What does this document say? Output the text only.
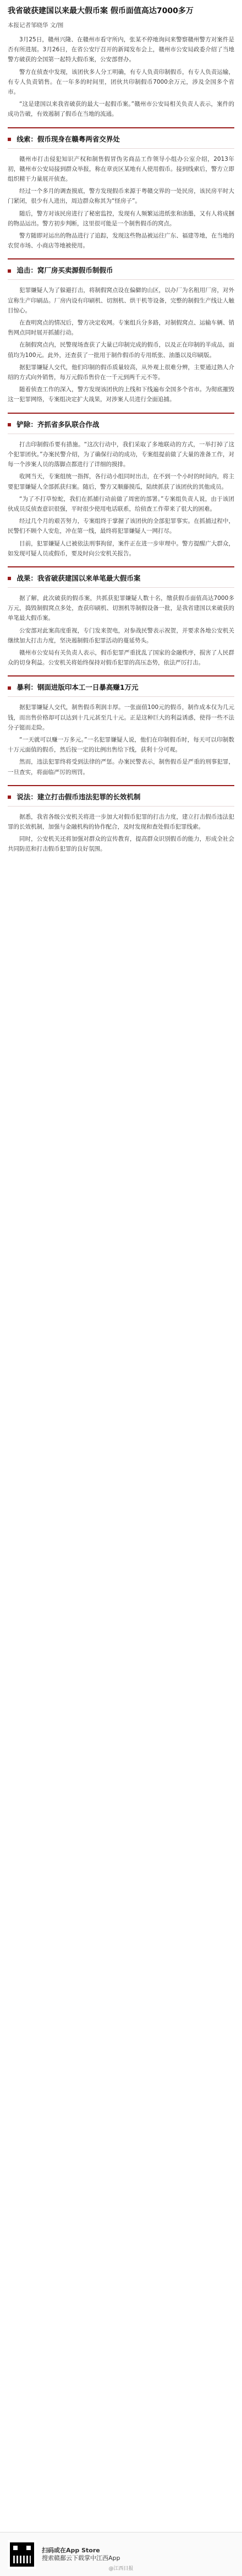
我省破获建国以来最大假币案 假币面值高达7000多万
本报记者邹晓华 文/图

3月25日，赣州兴隆、在赣州市看守所内，张某不停地询问来警察赣州警方对案件是否有所进展。3月26日，在省公安厅召开的新闻发布会上，赣州市公安局政委介绍了当地警方破获的全国第一起特大假币案，公安部督办。

警方在侦查中发现，该团伙多人分工明确，有专人负责印制假币，有专人负责运输，有专人负责销售。在一年多的时间里，团伙共印制假币7000余万元，涉及全国多个省市。

“这是建国以来我省破获的最大一起假币案。”赣州市公安局相关负责人表示，案件的成功告破，有效遏制了假币在当地的流通。

线索：假币现身在赣粤两省交界处

赣州市打击侵犯知识产权和制售假冒伪劣商品工作领导小组办公室介绍，2013年初，赣州市公安局接到群众举报，称在章贡区某地有人使用假币。接到线索后，警方立即组织精干力量展开侦查。

经过一个多月的调查摸底，警方发现假币来源于粤赣交界的一处民房，该民房平时大门紧闭，很少有人进出，周边群众称其为“怪房子”。

随后，警方对该民房进行了秘密监控，发现有人频繁运进纸张和油墨，又有人将成捆的物品运出。警方初步判断，这里很可能是一个制售假币的窝点。

警方随即对运出的物品进行了追踪，发现这些物品被运往广东、福建等地，在当地的农贸市场、小商店等地被使用。

追击：窝厂房买卖源假币制假币

犯罪嫌疑人为了躲避打击，将制假窝点设在偏僻的山区，以办厂为名租用厂房，对外宣称生产印刷品。厂房内设有印刷机、切割机、烘干机等设备，完整的制假生产线让人触目惊心。

在查明窝点的情况后，警方决定收网。专案组兵分多路，对制假窝点、运输车辆、销售网点同时展开抓捕行动。

在制假窝点内，民警现场查获了大量已印制完成的假币，以及正在印制的半成品，面值均为100元。此外，还查获了一批用于制作假币的专用纸张、油墨以及印刷版。

据犯罪嫌疑人交代，他们印制的假币质量较高，从外观上很难分辨，主要通过熟人介绍的方式向外销售，每万元假币售价在一千元到两千元不等。

随着侦查工作的深入，警方发现该团伙的上线和下线遍布全国多个省市。为彻底摧毁这一犯罪网络，专案组决定扩大战果，对涉案人员进行全面追捕。

铲除：齐抓省多队联合作战

打击印制假币要有措施。“这次行动中，我们采取了多地联动的方式，一举打掉了这个犯罪团伙。”办案民警介绍，为了确保行动的成功，专案组提前做了大量的准备工作，对每一个涉案人员的落脚点都进行了详细的摸排。

收网当天，专案组统一指挥，各行动小组同时出击，在不到一个小时的时间内，将主要犯罪嫌疑人全部抓获归案。随后，警方又顺藤摸瓜，陆续抓获了该团伙的其他成员。

“为了不打草惊蛇，我们在抓捕行动前做了周密的部署。”专案组负责人说，由于该团伙成员反侦查意识很强，平时很少使用电话联系，给侦查工作带来了很大的困难。

经过几个月的艰苦努力，专案组终于掌握了该团伙的全部犯罪事实。在抓捕过程中，民警们不顾个人安危，冲在第一线，最终将犯罪嫌疑人一网打尽。

目前，犯罪嫌疑人已被依法刑事拘留，案件正在进一步审理中。警方提醒广大群众，如发现可疑人员或假币，要及时向公安机关报告。

战果：我省破获建国以来单笔最大假币案

据了解，此次破获的假币案，共抓获犯罪嫌疑人数十名，缴获假币面值高达7000多万元，捣毁制假窝点多处，查获印刷机、切割机等制假设备一批，是我省建国以来破获的单笔最大假币案。

公安部对此案高度重视，专门发来贺电，对参战民警表示祝贺，并要求各地公安机关继续加大打击力度，坚决遏制假币犯罪活动的蔓延势头。

赣州市公安局有关负责人表示，假币犯罪严重扰乱了国家的金融秩序，损害了人民群众的切身利益。公安机关将始终保持对假币犯罪的高压态势，依法严厉打击。

暴利：钢面进版印本工一日暴高赚1万元

据犯罪嫌疑人交代，制售假币利润丰厚。一张面值100元的假币，制作成本仅为几元钱，而出售价格却可以达到十几元甚至几十元。正是这种巨大的利益诱惑，使得一些不法分子铤而走险。

“一天就可以赚一万多元。”一名犯罪嫌疑人说，他们在印制假币时，每天可以印制数十万元面值的假币，然后按一定的比例出售给下线，获利十分可观。

然而，违法犯罪终将受到法律的严惩。办案民警表示，制售假币是严重的刑事犯罪，一旦查实，将面临严厉的刑罚。

说法：建立打击假币违法犯罪的长效机制

据悉，我省各级公安机关将进一步加大对假币犯罪的打击力度，建立打击假币违法犯罪的长效机制，加强与金融机构的协作配合，及时发现和查处假币犯罪线索。

同时，公安机关还将加强对群众的宣传教育，提高群众识别假币的能力，形成全社会共同防范和打击假币犯罪的良好氛围。

扫码或在App Store
搜索赣鄱云下载掌中江西App
@江西日报
